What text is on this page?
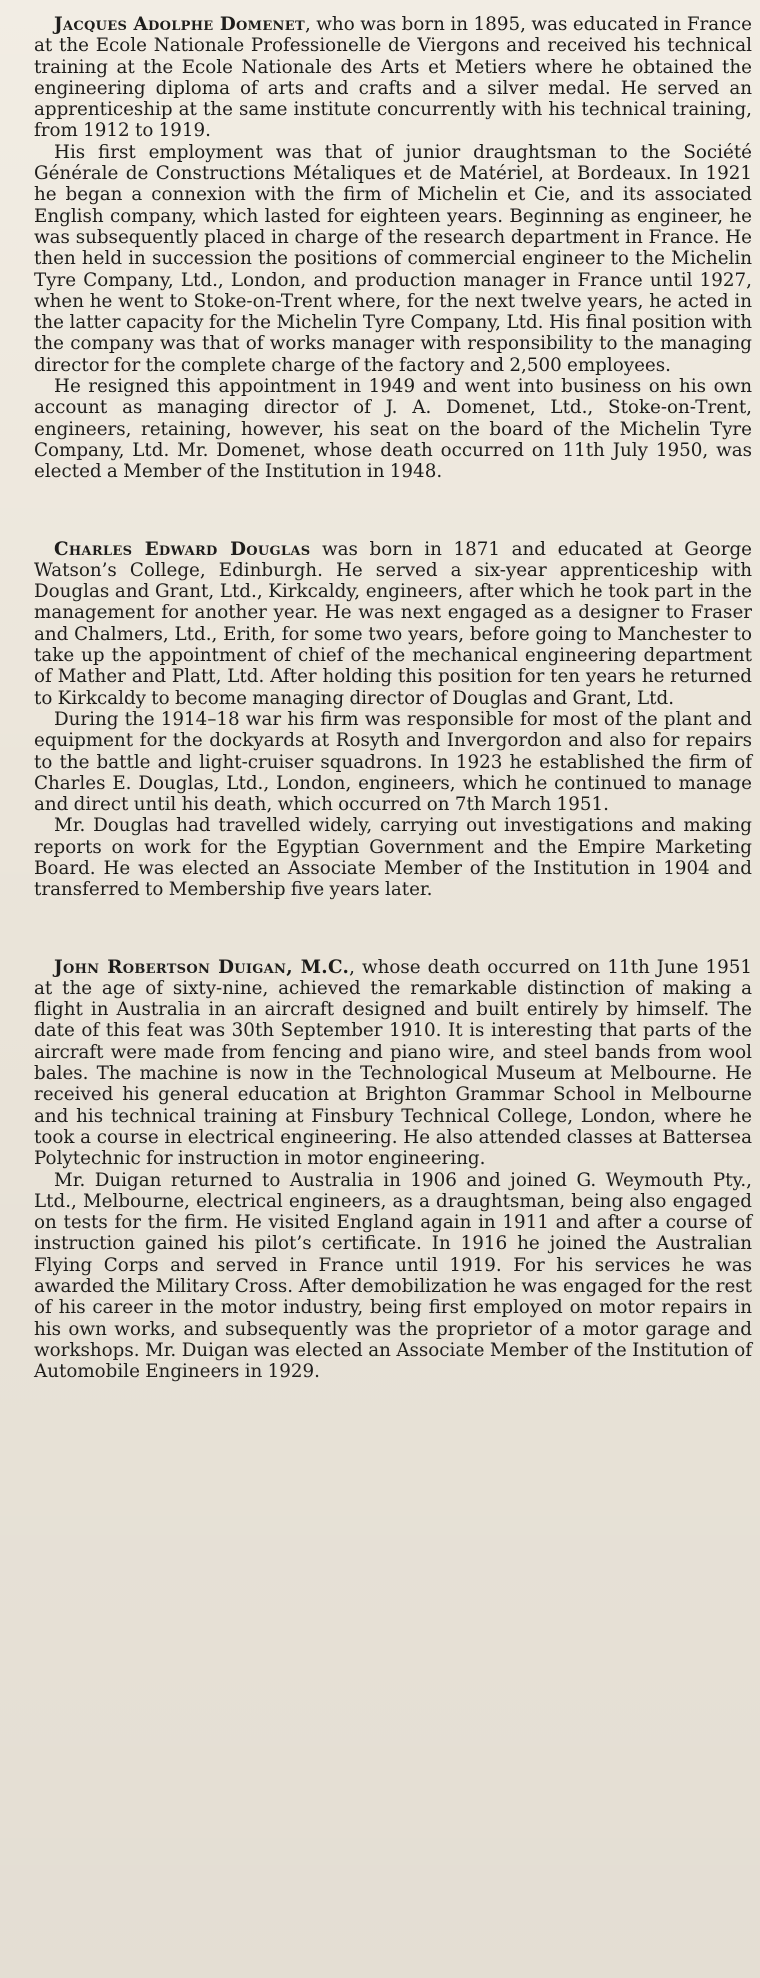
Jacques Adolphe Domenet, who was born in 1895, was educated in France at the Ecole Nationale Professionelle de Viergons and received his technical training at the Ecole Nationale des Arts et Metiers where he obtained the engineering diploma of arts and crafts and a silver medal. He served an apprenticeship at the same institute concurrently with his technical training, from 1912 to 1919.

His first employment was that of junior draughtsman to the Société Générale de Constructions Métaliques et de Matériel, at Bordeaux. In 1921 he began a connexion with the firm of Michelin et Cie, and its associated English company, which lasted for eighteen years. Beginning as engineer, he was subsequently placed in charge of the research department in France. He then held in succession the positions of commercial engineer to the Michelin Tyre Company, Ltd., London, and production manager in France until 1927, when he went to Stoke-on-Trent where, for the next twelve years, he acted in the latter capacity for the Michelin Tyre Company, Ltd. His final position with the company was that of works manager with responsibility to the managing director for the complete charge of the factory and 2,500 employees.

He resigned this appointment in 1949 and went into business on his own account as managing director of J. A. Domenet, Ltd., Stoke-on-Trent, engineers, retaining, however, his seat on the board of the Michelin Tyre Company, Ltd. Mr. Domenet, whose death occurred on 11th July 1950, was elected a Member of the Institution in 1948.

Charles Edward Douglas was born in 1871 and educated at George Watson’s College, Edinburgh. He served a six-year apprenticeship with Douglas and Grant, Ltd., Kirkcaldy, engineers, after which he took part in the management for another year. He was next engaged as a designer to Fraser and Chalmers, Ltd., Erith, for some two years, before going to Manchester to take up the appointment of chief of the mechanical engineering department of Mather and Platt, Ltd. After holding this position for ten years he returned to Kirkcaldy to become managing director of Douglas and Grant, Ltd.

During the 1914–18 war his firm was responsible for most of the plant and equipment for the dockyards at Rosyth and Invergordon and also for repairs to the battle and light-cruiser squadrons. In 1923 he established the firm of Charles E. Douglas, Ltd., London, engineers, which he continued to manage and direct until his death, which occurred on 7th March 1951.

Mr. Douglas had travelled widely, carrying out investigations and making reports on work for the Egyptian Government and the Empire Marketing Board. He was elected an Associate Member of the Institution in 1904 and transferred to Membership five years later.

John Robertson Duigan, M.C., whose death occurred on 11th June 1951 at the age of sixty-nine, achieved the remarkable distinction of making a flight in Australia in an aircraft designed and built entirely by himself. The date of this feat was 30th September 1910. It is interesting that parts of the aircraft were made from fencing and piano wire, and steel bands from wool bales. The machine is now in the Technological Museum at Melbourne. He received his general education at Brighton Grammar School in Melbourne and his technical training at Finsbury Technical College, London, where he took a course in electrical engineering. He also attended classes at Battersea Polytechnic for instruction in motor engineering.

Mr. Duigan returned to Australia in 1906 and joined G. Weymouth Pty., Ltd., Melbourne, electrical engineers, as a draughtsman, being also engaged on tests for the firm. He visited England again in 1911 and after a course of instruction gained his pilot’s certificate. In 1916 he joined the Australian Flying Corps and served in France until 1919. For his services he was awarded the Military Cross. After demobilization he was engaged for the rest of his career in the motor industry, being first employed on motor repairs in his own works, and subsequently was the proprietor of a motor garage and workshops. Mr. Duigan was elected an Associate Member of the Institution of Automobile Engineers in 1929.
